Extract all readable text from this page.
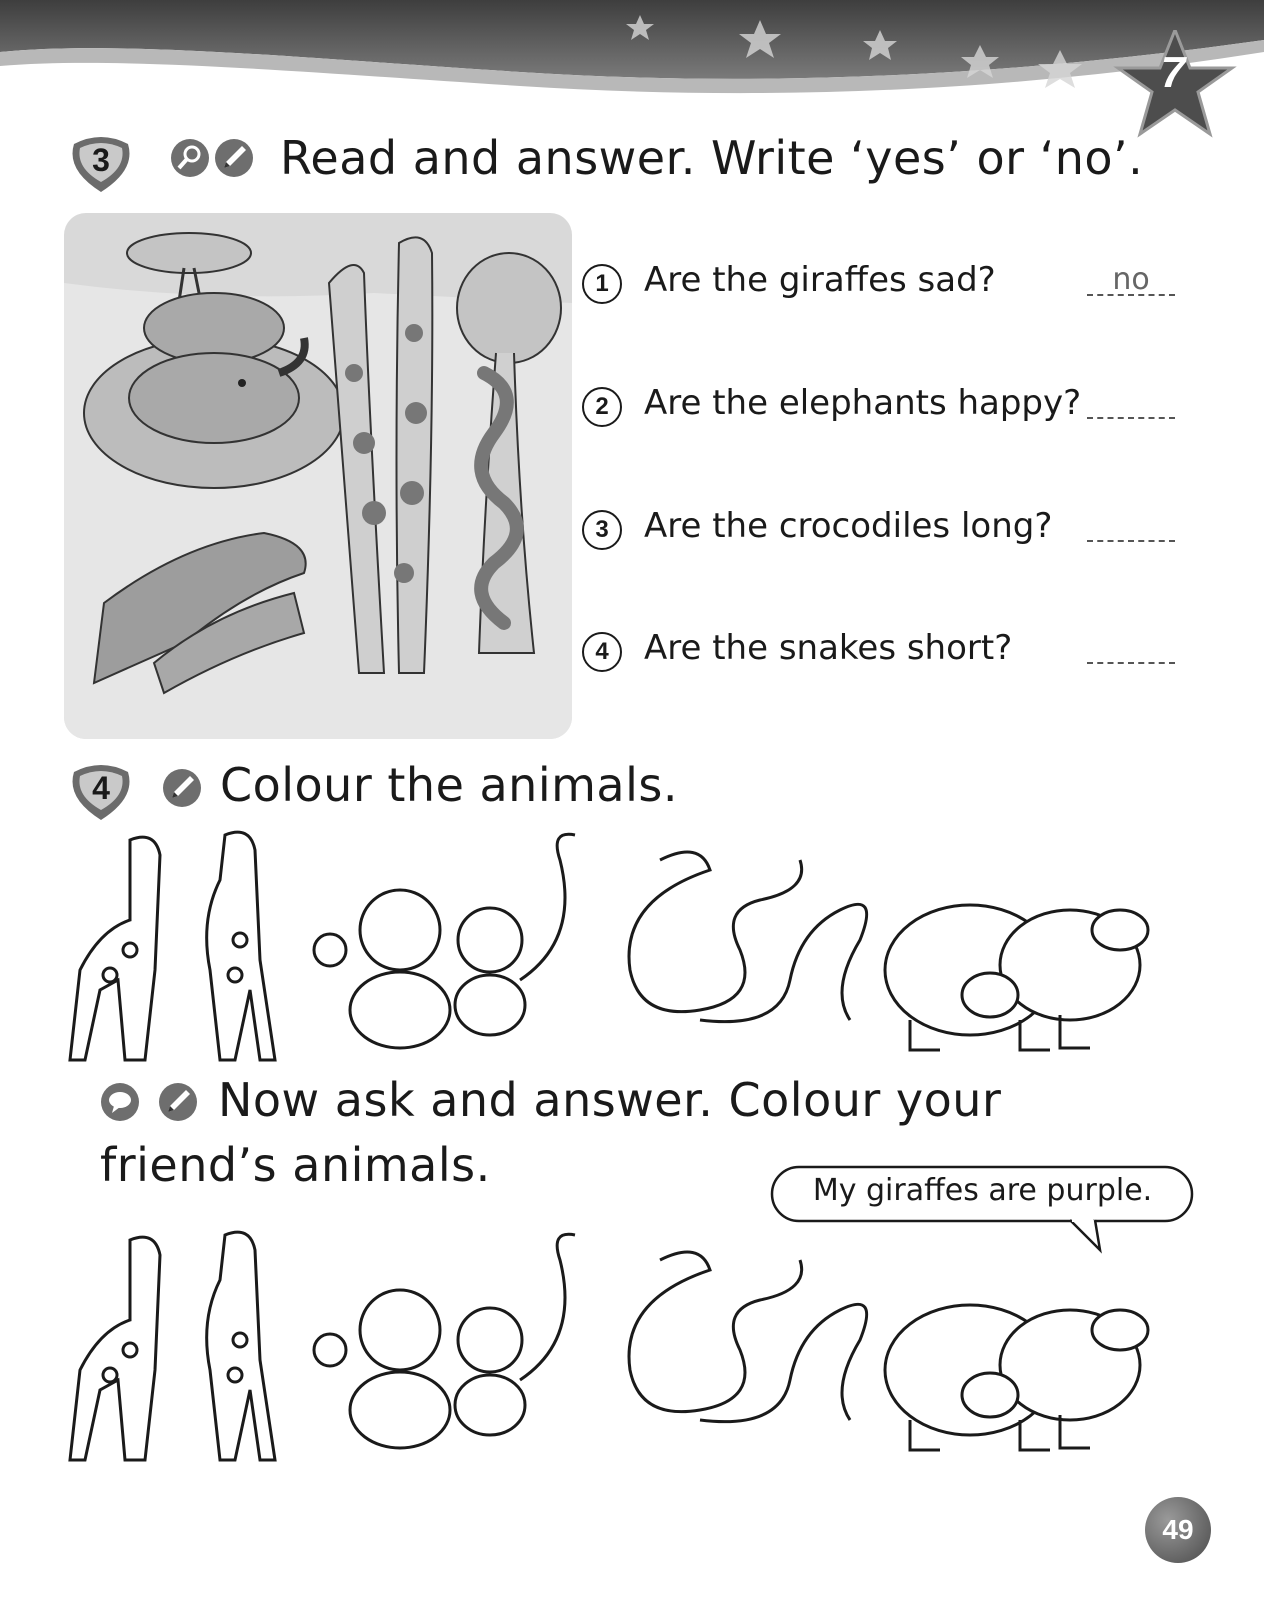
7
3	Read and answer. Write ‘yes’ or ‘no’.
1	Are the giraffes sad?	no
2	Are the elephants happy?
3	Are the crocodiles long?
4	Are the snakes short?
4	Colour the animals.
Now ask and answer. Colour your
friend’s animals.	My giraffes are purple.
49
